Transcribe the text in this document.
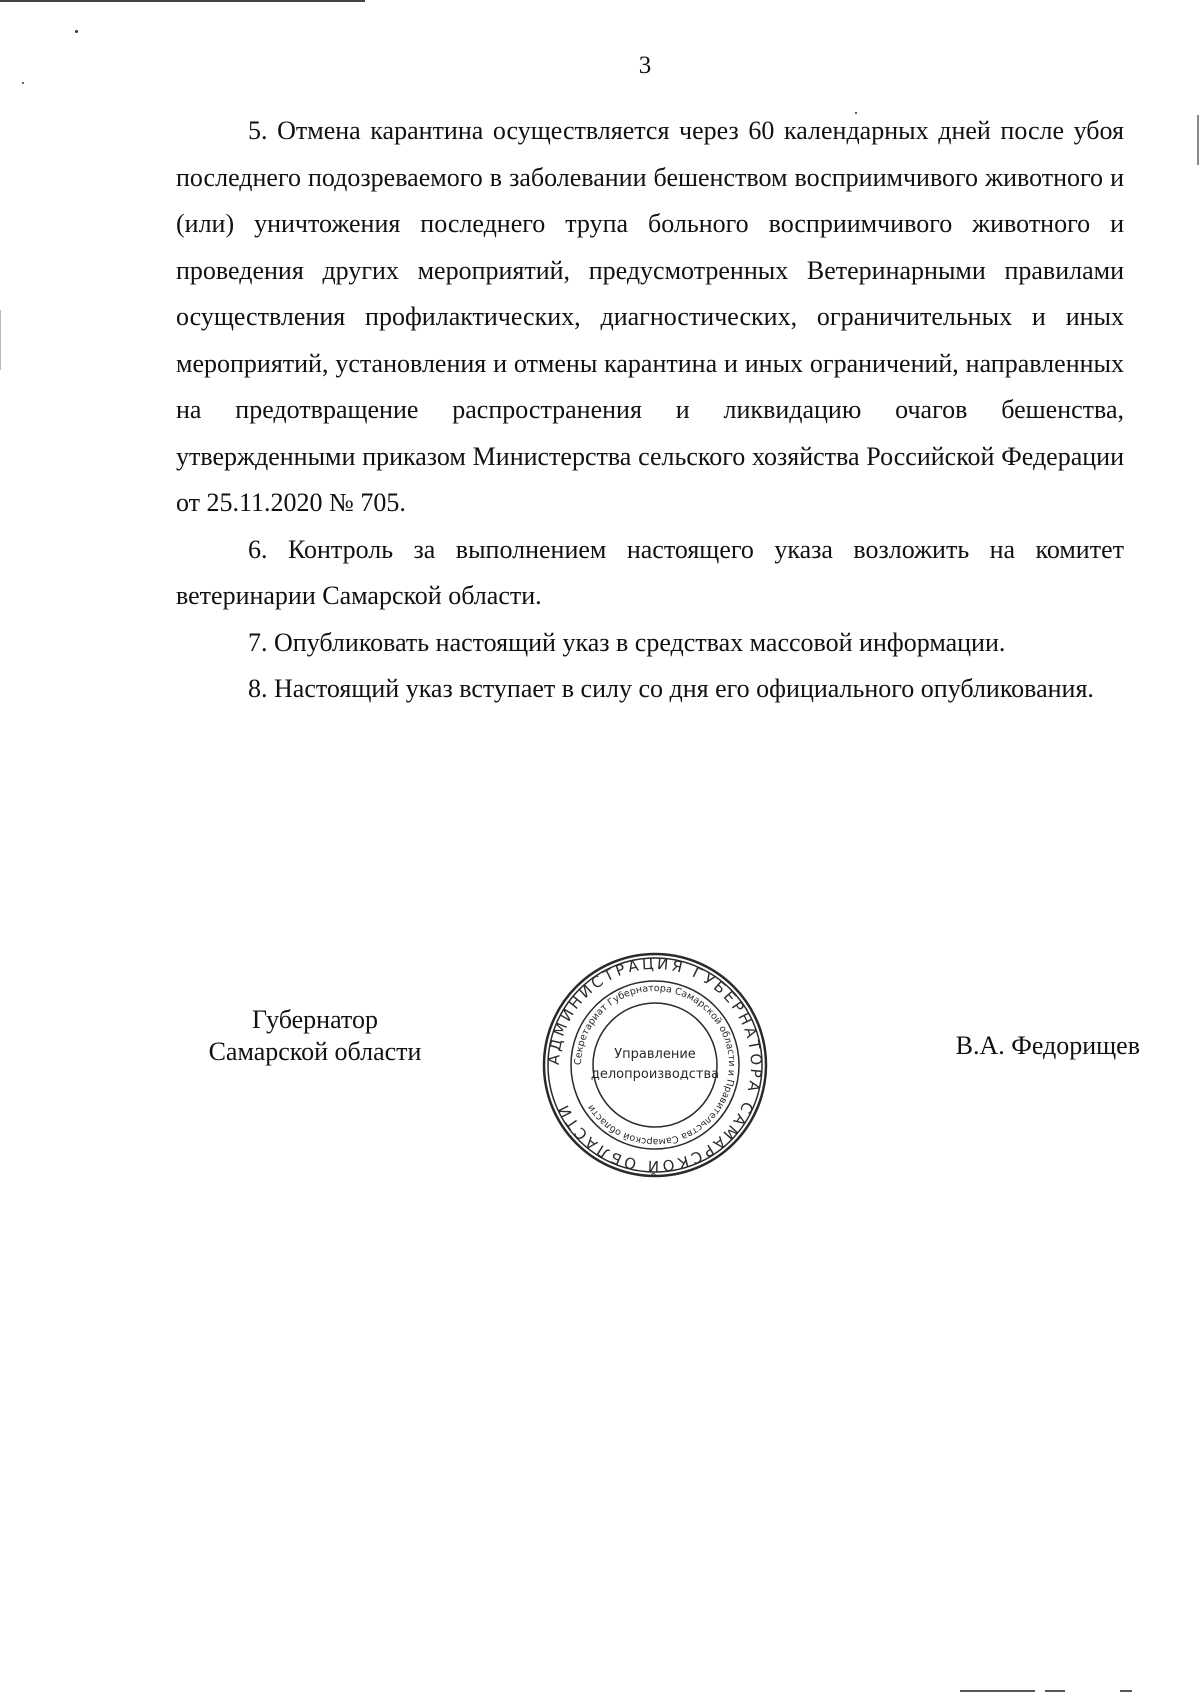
3

5. Отмена карантина осуществляется через 60 календарных дней после убоя последнего подозреваемого в заболевании бешенством восприимчивого животного и (или) уничтожения последнего трупа больного восприимчивого животного и проведения других мероприятий, предусмотренных Ветеринарными правилами осуществления профилактических, диагностических, ограничительных и иных мероприятий, установления и отмены карантина и иных ограничений, направленных на предотвращение распространения и ликвидацию очагов бешенства, утвержденными приказом Министерства сельского хозяйства Российской Федерации от 25.11.2020 № 705.

6. Контроль за выполнением настоящего указа возложить на комитет ветеринарии Самарской области.

7. Опубликовать настоящий указ в средствах массовой информации.

8. Настоящий указ вступает в силу со дня его официального опубликования.

Губернатор
Самарской области	В.А. Федорищев
АДМИНИСТРАЦИЯ ГУБЕРНАТОРА САМАРСКОЙ ОБЛАСТИ
Секретариат Губернатора Самарской области и Правительства Самарской области
Управление
делопроизводства
